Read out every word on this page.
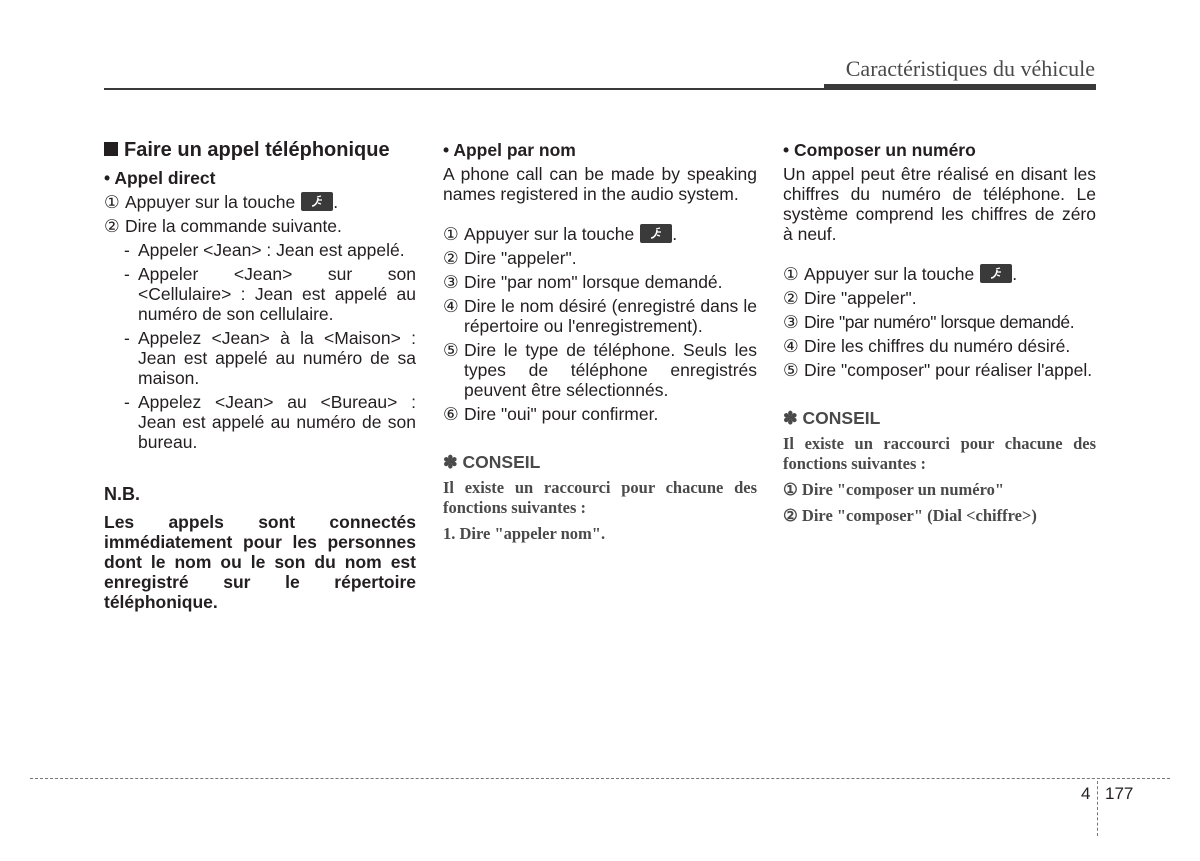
Caractéristiques du véhicule
Faire un appel téléphonique
• Appel direct
① Appuyer sur la touche .
② Dire la commande suivante.
- Appeler <Jean> : Jean est appelé.
- Appeler <Jean> sur son <Cellulaire> : Jean est appelé au numéro de son cellulaire.
- Appelez <Jean> à la <Maison> : Jean est appelé au numéro de sa maison.
- Appelez <Jean> au <Bureau> : Jean est appelé au numéro de son bureau.
N.B.
Les appels sont connectés immédiatement pour les personnes dont le nom ou le son du nom est enregistré sur le répertoire téléphonique.
• Appel par nom
A phone call can be made by speaking names registered in the audio system.
① Appuyer sur la touche .
② Dire "appeler".
③ Dire "par nom" lorsque demandé.
④ Dire le nom désiré (enregistré dans le répertoire ou l'enregistrement).
⑤ Dire le type de téléphone. Seuls les types de téléphone enregistrés peuvent être sélectionnés.
⑥ Dire "oui" pour confirmer.
✽ CONSEIL
Il existe un raccourci pour chacune des fonctions suivantes :
1. Dire "appeler nom".
• Composer un numéro
Un appel peut être réalisé en disant les chiffres du numéro de téléphone. Le système comprend les chiffres de zéro à neuf.
① Appuyer sur la touche .
② Dire "appeler".
③ Dire "par numéro" lorsque demandé.
④ Dire les chiffres du numéro désiré.
⑤ Dire "composer" pour réaliser l'appel.
✽ CONSEIL
Il existe un raccourci pour chacune des fonctions suivantes :
① Dire "composer un numéro"
② Dire "composer" (Dial <chiffre>)
4 177
